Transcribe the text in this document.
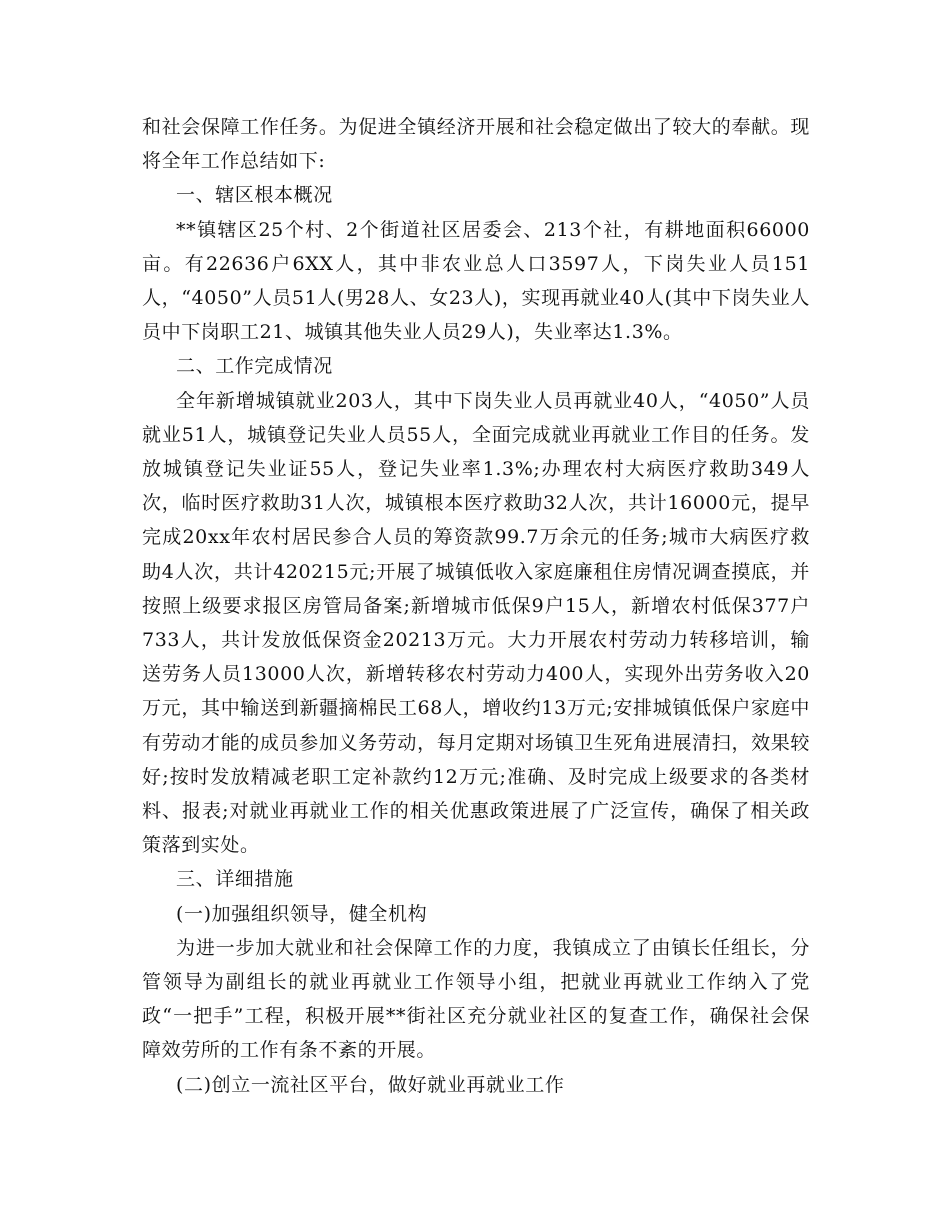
和社会保障工作任务。为促进全镇经济开展和社会稳定做出了较大的奉献。现将全年工作总结如下:

一、辖区根本概况

**镇辖区25个村、2个街道社区居委会、213个社，有耕地面积66000亩。有22636户6XX人，其中非农业总人口3597人，下岗失业人员151人，“4050”人员51人(男28人、女23人)，实现再就业40人(其中下岗失业人员中下岗职工21、城镇其他失业人员29人)，失业率达1.3%。

二、工作完成情况

全年新增城镇就业203人，其中下岗失业人员再就业40人，“4050”人员就业51人，城镇登记失业人员55人，全面完成就业再就业工作目的任务。发放城镇登记失业证55人，登记失业率1.3%;办理农村大病医疗救助349人次，临时医疗救助31人次，城镇根本医疗救助32人次，共计16000元，提早完成20xx年农村居民参合人员的筹资款99.7万余元的任务;城市大病医疗救助4人次，共计420215元;开展了城镇低收入家庭廉租住房情况调查摸底，并按照上级要求报区房管局备案;新增城市低保9户15人，新增农村低保377户733人，共计发放低保资金20213万元。大力开展农村劳动力转移培训，输送劳务人员13000人次，新增转移农村劳动力400人，实现外出劳务收入20万元，其中输送到新疆摘棉民工68人，增收约13万元;安排城镇低保户家庭中有劳动才能的成员参加义务劳动，每月定期对场镇卫生死角进展清扫，效果较好;按时发放精减老职工定补款约12万元;准确、及时完成上级要求的各类材料、报表;对就业再就业工作的相关优惠政策进展了广泛宣传，确保了相关政策落到实处。

三、详细措施

(一)加强组织领导，健全机构

为进一步加大就业和社会保障工作的力度，我镇成立了由镇长任组长，分管领导为副组长的就业再就业工作领导小组，把就业再就业工作纳入了党政“一把手”工程，积极开展**街社区充分就业社区的复查工作，确保社会保障效劳所的工作有条不紊的开展。

(二)创立一流社区平台，做好就业再就业工作
